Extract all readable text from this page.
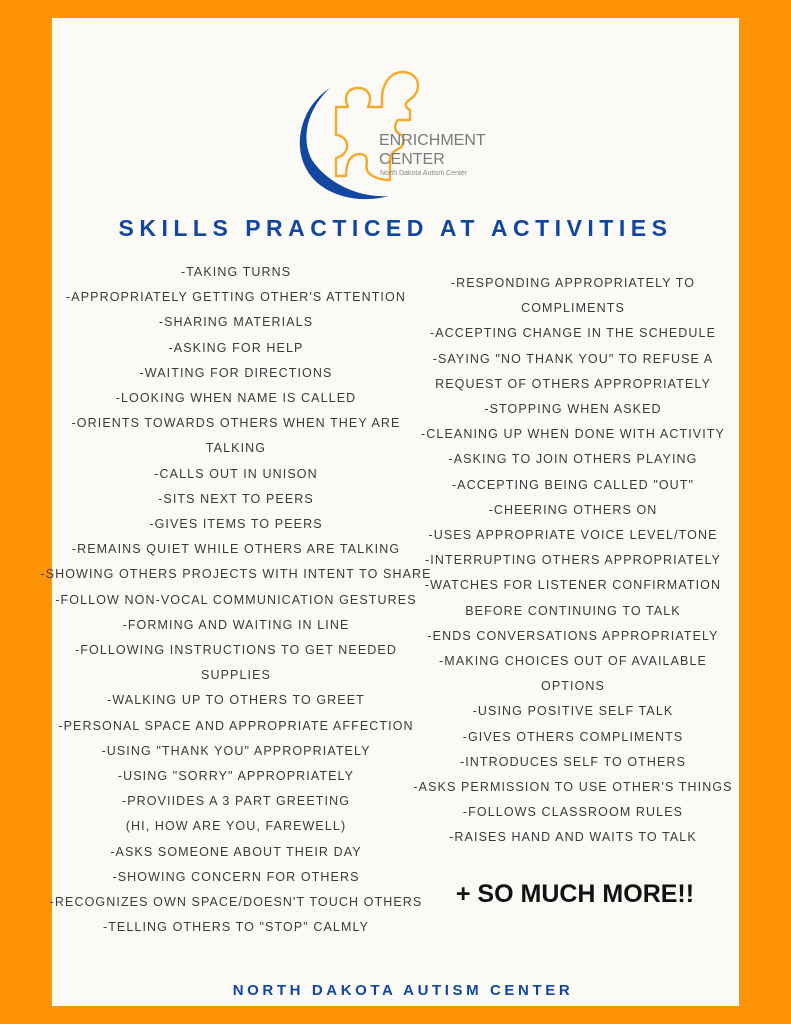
ENRICHMENT
CENTER
North Dakota Autism Center
SKILLS PRACTICED AT ACTIVITIES
-TAKING TURNS
-APPROPRIATELY GETTING OTHER'S ATTENTION
-SHARING MATERIALS
-ASKING FOR HELP
-WAITING FOR DIRECTIONS
-LOOKING WHEN NAME IS CALLED
-ORIENTS TOWARDS OTHERS WHEN THEY ARE
TALKING
-CALLS OUT IN UNISON
-SITS NEXT TO PEERS
-GIVES ITEMS TO PEERS
-REMAINS QUIET WHILE OTHERS ARE TALKING
-SHOWING OTHERS PROJECTS WITH INTENT TO SHARE
-FOLLOW NON-VOCAL COMMUNICATION GESTURES
-FORMING AND WAITING IN LINE
-FOLLOWING INSTRUCTIONS TO GET NEEDED
SUPPLIES
-WALKING UP TO OTHERS TO GREET
-PERSONAL SPACE AND APPROPRIATE AFFECTION
-USING "THANK YOU" APPROPRIATELY
-USING "SORRY" APPROPRIATELY
-PROVIIDES A 3 PART GREETING
(HI, HOW ARE YOU, FAREWELL)
-ASKS SOMEONE ABOUT THEIR DAY
-SHOWING CONCERN FOR OTHERS
-RECOGNIZES OWN SPACE/DOESN'T TOUCH OTHERS
-TELLING OTHERS TO "STOP" CALMLY
-RESPONDING APPROPRIATELY TO
COMPLIMENTS
-ACCEPTING CHANGE IN THE SCHEDULE
-SAYING "NO THANK YOU" TO REFUSE A
REQUEST OF OTHERS APPROPRIATELY
-STOPPING WHEN ASKED
-CLEANING UP WHEN DONE WITH ACTIVITY
-ASKING TO JOIN OTHERS PLAYING
-ACCEPTING BEING CALLED "OUT"
-CHEERING OTHERS ON
-USES APPROPRIATE VOICE LEVEL/TONE
-INTERRUPTING OTHERS APPROPRIATELY
-WATCHES FOR LISTENER CONFIRMATION
BEFORE CONTINUING TO TALK
-ENDS CONVERSATIONS APPROPRIATELY
-MAKING CHOICES OUT OF AVAILABLE
OPTIONS
-USING POSITIVE SELF TALK
-GIVES OTHERS COMPLIMENTS
-INTRODUCES SELF TO OTHERS
-ASKS PERMISSION TO USE OTHER'S THINGS
-FOLLOWS CLASSROOM RULES
-RAISES HAND AND WAITS TO TALK
+ SO MUCH MORE!!
NORTH DAKOTA AUTISM CENTER
